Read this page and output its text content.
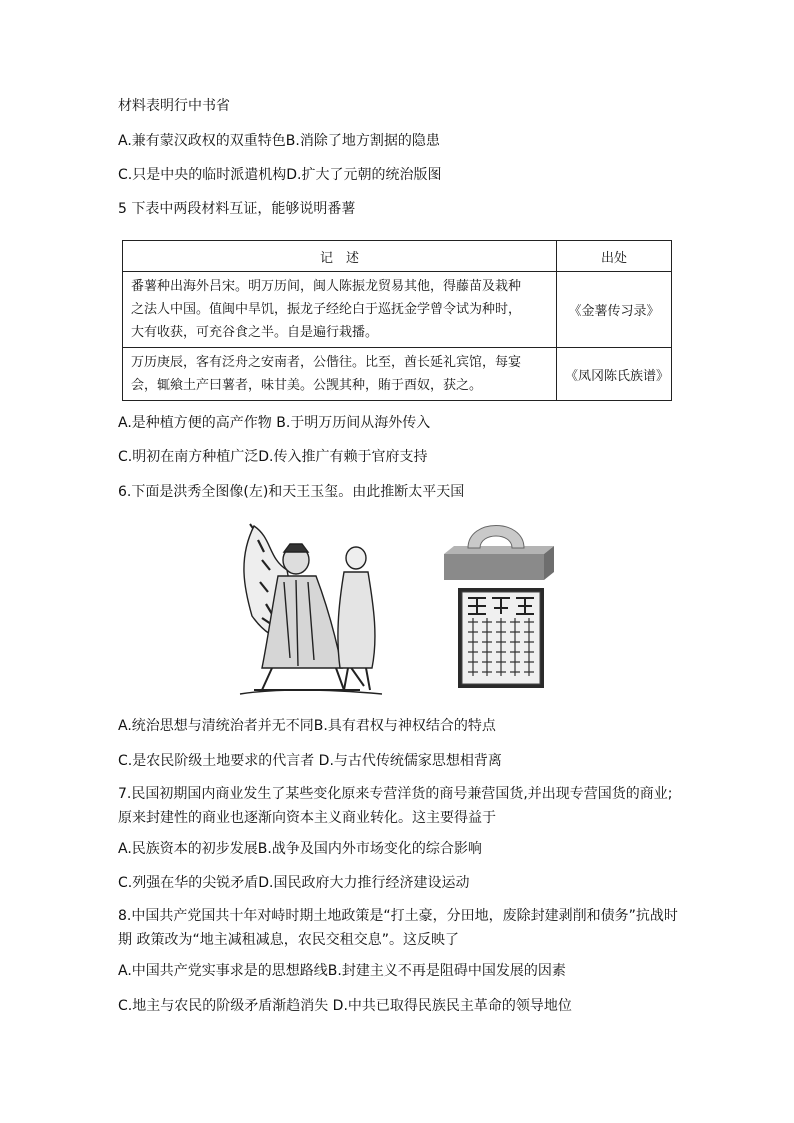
材料表明行中书省
A.兼有蒙汉政权的双重特色B.消除了地方割据的隐患
C.只是中央的临时派遣机构D.扩大了元朝的统治版图
5 下表中两段材料互证，能够说明番薯
记　述	出处

番薯种出海外吕宋。明万历间，闽人陈振龙贸易其他，得藤苗及栽种
之法人中国。值闽中旱饥，振龙子经纶白于巡抚金学曾令试为种时，
大有收获，可充谷食之半。自是遍行栽播。	《金薯传习录》

万历庚辰，客有泛舟之安南者，公偕往。比至，酋长延礼宾馆，每宴
会，辄飨土产曰薯者，味甘美。公觊其种，賄于酉奴，获之。	《凤冈陈氏族谱》
A.是种植方便的高产作物 B.于明万历间从海外传入
C.明初在南方种植广泛D.传入推广有赖于官府支持
6.下面是洪秀全图像(左)和天王玉玺。由此推断太平天国
玉玺
A.统治思想与清统治者并无不同B.具有君权与神权结合的特点
C.是农民阶级土地要求的代言者 D.与古代传统儒家思想相背离
7.民国初期国内商业发生了某些变化原来专营洋货的商号兼营国货,并出现专营国货的商业; 原来封建性的商业也逐渐向资本主义商业转化。这主要得益于
A.民族资本的初步发展B.战争及国内外市场变化的综合影响
C.列强在华的尖锐矛盾D.国民政府大力推行经济建设运动
8.中国共产党国共十年对峙时期土地政策是“打土豪，分田地，废除封建剥削和债务”抗战时期 政策改为“地主减租减息，农民交租交息”。这反映了
A.中国共产党实事求是的思想路线B.封建主义不再是阻碍中国发展的因素
C.地主与农民的阶级矛盾渐趋消失 D.中共已取得民族民主革命的领导地位
